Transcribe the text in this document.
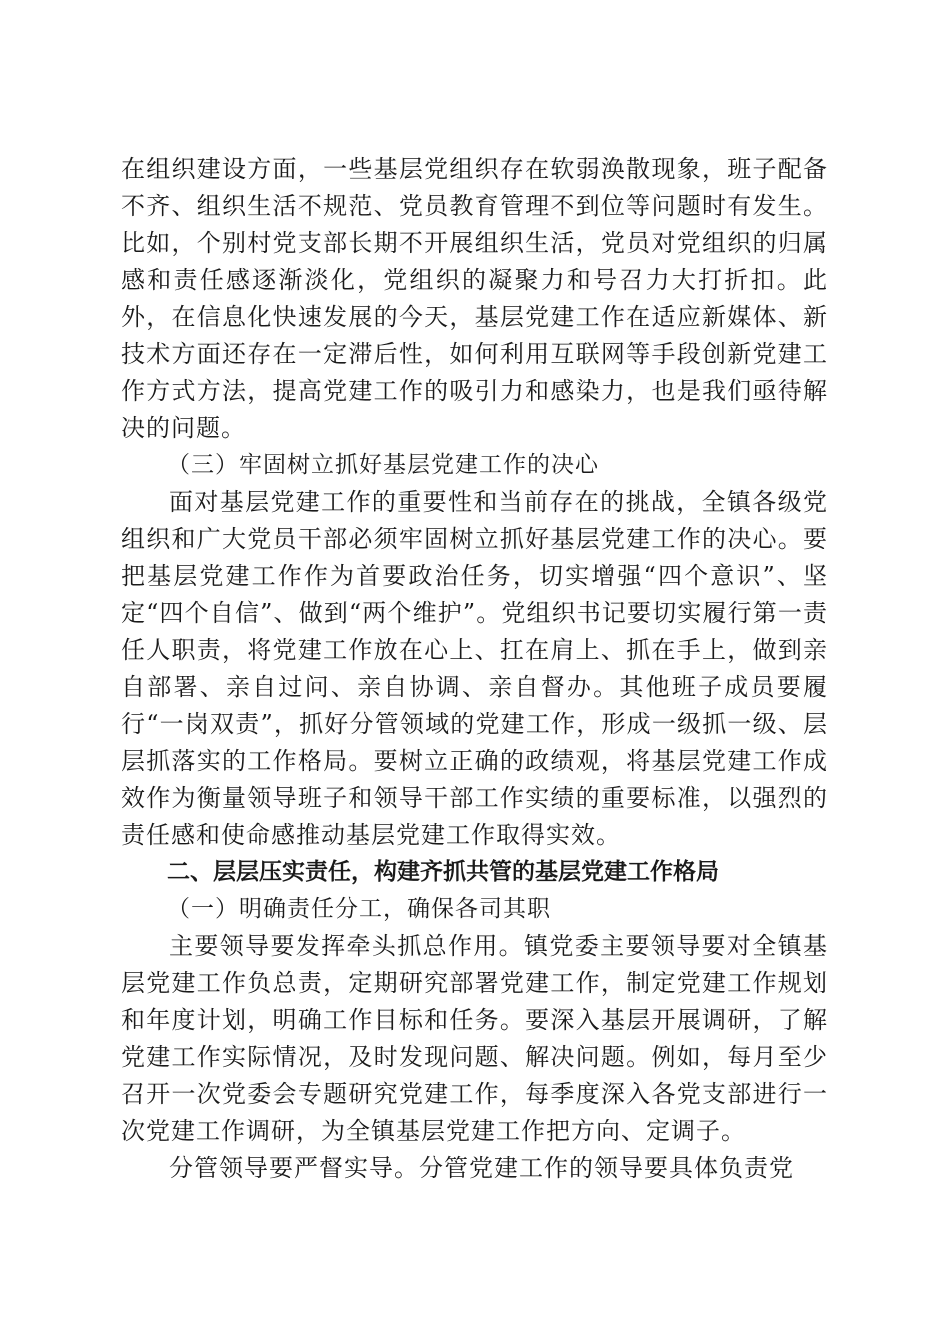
在组织建设方面，一些基层党组织存在软弱涣散现象，班子配备不齐、组织生活不规范、党员教育管理不到位等问题时有发生。比如，个别村党支部长期不开展组织生活，党员对党组织的归属感和责任感逐渐淡化，党组织的凝聚力和号召力大打折扣。此外，在信息化快速发展的今天，基层党建工作在适应新媒体、新技术方面还存在一定滞后性，如何利用互联网等手段创新党建工作方式方法，提高党建工作的吸引力和感染力，也是我们亟待解决的问题。

（三）牢固树立抓好基层党建工作的决心

面对基层党建工作的重要性和当前存在的挑战，全镇各级党组织和广大党员干部必须牢固树立抓好基层党建工作的决心。要把基层党建工作作为首要政治任务，切实增强“四个意识”、坚定“四个自信”、做到“两个维护”。党组织书记要切实履行第一责任人职责，将党建工作放在心上、扛在肩上、抓在手上，做到亲自部署、亲自过问、亲自协调、亲自督办。其他班子成员要履行“一岗双责”，抓好分管领域的党建工作，形成一级抓一级、层层抓落实的工作格局。要树立正确的政绩观，将基层党建工作成效作为衡量领导班子和领导干部工作实绩的重要标准，以强烈的责任感和使命感推动基层党建工作取得实效。

二、层层压实责任，构建齐抓共管的基层党建工作格局

（一）明确责任分工，确保各司其职

主要领导要发挥牵头抓总作用。镇党委主要领导要对全镇基层党建工作负总责，定期研究部署党建工作，制定党建工作规划和年度计划，明确工作目标和任务。要深入基层开展调研，了解党建工作实际情况，及时发现问题、解决问题。例如，每月至少召开一次党委会专题研究党建工作，每季度深入各党支部进行一次党建工作调研，为全镇基层党建工作把方向、定调子。

分管领导要严督实导。分管党建工作的领导要具体负责党
